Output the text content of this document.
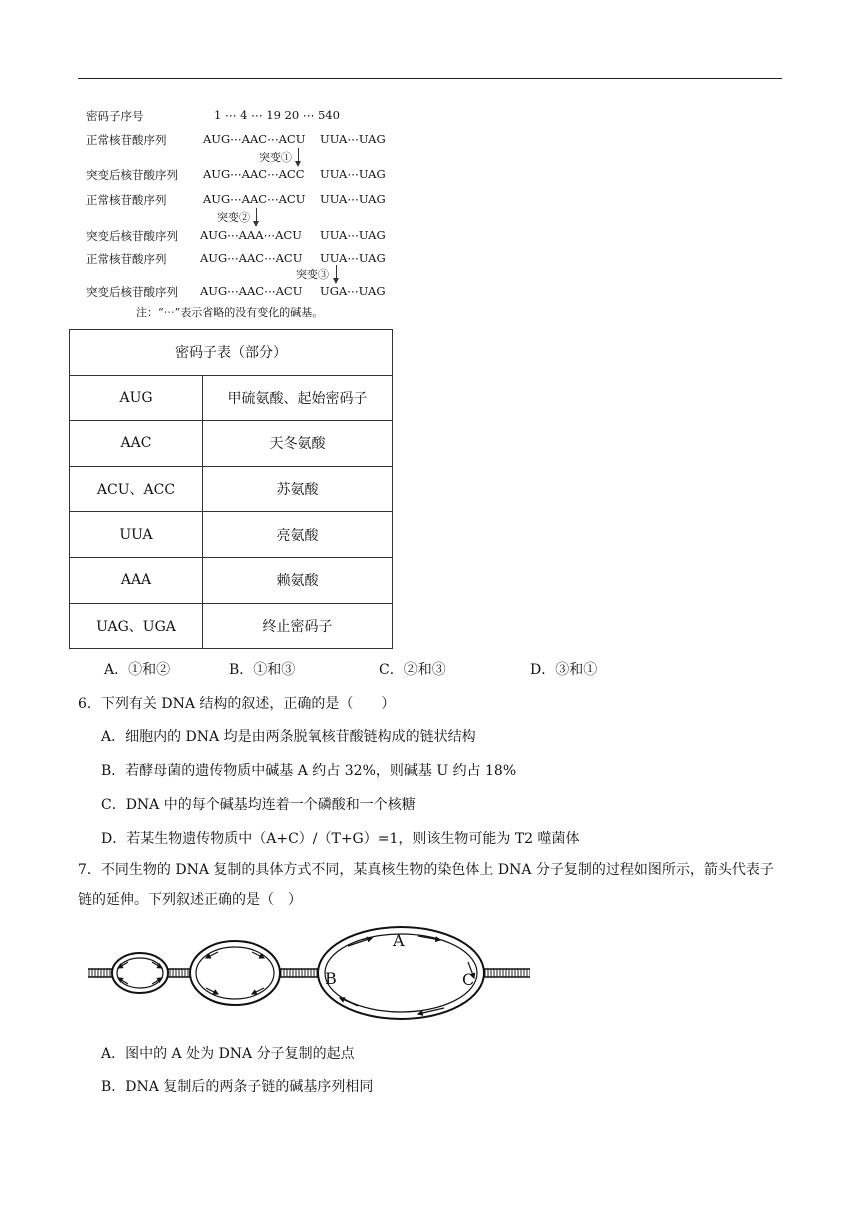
密码子序号	1 ⋯ 4 ⋯ 19 20 ⋯ 540
正常核苷酸序列	AUG⋯AAC⋯ACU UUA⋯UAG
突变①
突变后核苷酸序列 AUG⋯AAC⋯ACC UUA⋯UAG
正常核苷酸序列	AUG⋯AAC⋯ACU UUA⋯UAG
突变②
突变后核苷酸序列 AUG⋯AAA⋯ACU UUA⋯UAG
正常核苷酸序列	AUG⋯AAC⋯ACU UUA⋯UAG
突变③
突变后核苷酸序列 AUG⋯AAC⋯ACU UGA⋯UAG
注：“⋯”表示省略的没有变化的碱基。
密码子表（部分）	
AUG	甲硫氨酸、起始密码子
AAC	天冬氨酸
ACU、ACC	苏氨酸
UUA	亮氨酸
AAA	赖氨酸
UAG、UGA	终止密码子
A．①和②	B．①和③	C．②和③	D．③和①
6．下列有关 DNA 结构的叙述，正确的是（　　）
A．细胞内的 DNA 均是由两条脱氧核苷酸链构成的链状结构
B．若酵母菌的遗传物质中碱基 A 约占 32%，则碱基 U 约占 18%
C．DNA 中的每个碱基均连着一个磷酸和一个核糖
D．若某生物遗传物质中（A+C）/（T+G）=1，则该生物可能为 T2 噬菌体
7．不同生物的 DNA 复制的具体方式不同，某真核生物的染色体上 DNA 分子复制的过程如图所示，箭头代表子链的延伸。下列叙述正确的是（　）
A
B	C
A．图中的 A 处为 DNA 分子复制的起点
B．DNA 复制后的两条子链的碱基序列相同
